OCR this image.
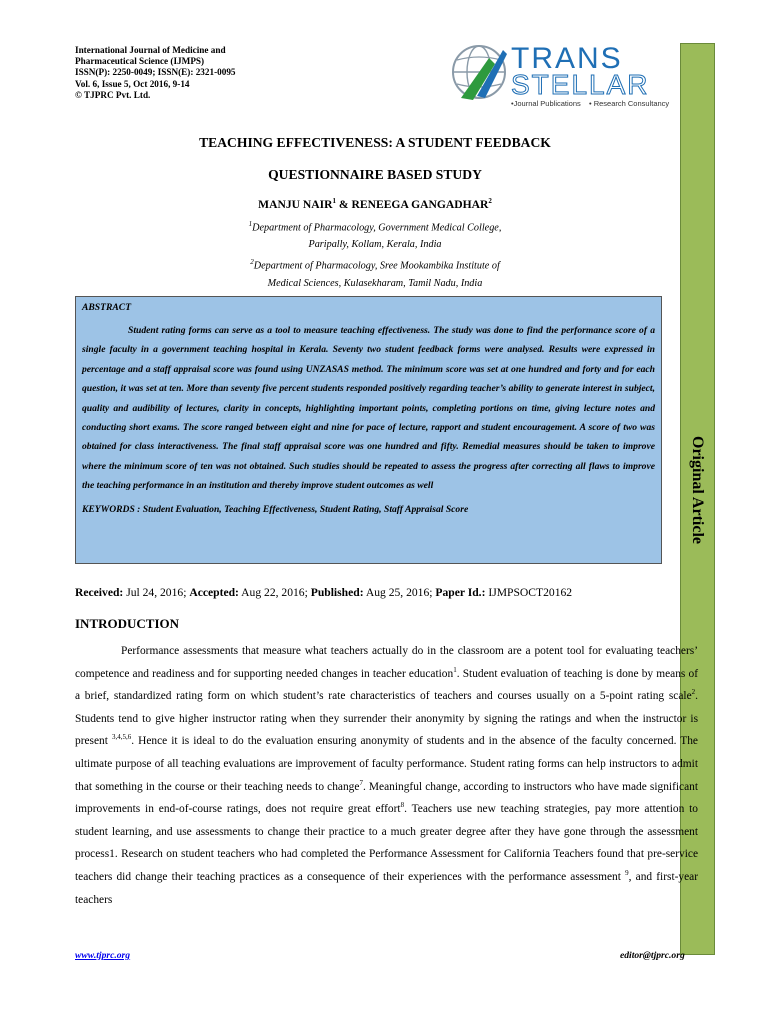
International Journal of Medicine and
Pharmaceutical Science (IJMPS)
ISSN(P): 2250-0049; ISSN(E): 2321-0095
Vol. 6, Issue 5, Oct 2016, 9-14
© TJPRC Pvt. Ltd.
TRANS
STELLAR
•Journal Publications • Research Consultancy
Original Article
TEACHING EFFECTIVENESS: A STUDENT FEEDBACK
QUESTIONNAIRE BASED STUDY
MANJU NAIR$^1$ & RENEEGA GANGADHAR$^2$
$^1$Department of Pharmacology, Government Medical College,
Paripally, Kollam, Kerala, India
$^2$Department of Pharmacology, Sree Mookambika Institute of
Medical Sciences, Kulasekharam, Tamil Nadu, India
ABSTRACT
Student rating forms can serve as a tool to measure teaching effectiveness. The study was done to find the performance score of a single faculty in a government teaching hospital in Kerala. Seventy two student feedback forms were analysed. Results were expressed in percentage and a staff appraisal score was found using UNZASAS method. The minimum score was set at one hundred and forty and for each question, it was set at ten. More than seventy five percent students responded positively regarding teacher’s ability to generate interest in subject, quality and audibility of lectures, clarity in concepts, highlighting important points, completing portions on time, giving lecture notes and conducting short exams. The score ranged between eight and nine for pace of lecture, rapport and student encouragement. A score of two was obtained for class interactiveness. The final staff appraisal score was one hundred and fifty. Remedial measures should be taken to improve where the minimum score of ten was not obtained. Such studies should be repeated to assess the progress after correcting all flaws to improve the teaching performance in an institution and thereby improve student outcomes as well
KEYWORDS : Student Evaluation, Teaching Effectiveness, Student Rating, Staff Appraisal Score
Received: Jul 24, 2016; Accepted: Aug 22, 2016; Published: Aug 25, 2016; Paper Id.: IJMPSOCT20162
INTRODUCTION

Performance assessments that measure what teachers actually do in the classroom are a potent tool for evaluating teachers’ competence and readiness and for supporting needed changes in teacher education$^1$. Student evaluation of teaching is done by means of a brief, standardized rating form on which student’s rate characteristics of teachers and courses usually on a 5-point rating scale$^2$. Students tend to give higher instructor rating when they surrender their anonymity by signing the ratings and when the instructor is present $^{3,4,5,6}$. Hence it is ideal to do the evaluation ensuring anonymity of students and in the absence of the faculty concerned. The ultimate purpose of all teaching evaluations are improvement of faculty performance. Student rating forms can help instructors to admit that something in the course or their teaching needs to change$^7$. Meaningful change, according to instructors who have made significant improvements in end-of-course ratings, does not require great effort$^8$. Teachers use new teaching strategies, pay more attention to student learning, and use assessments to change their practice to a much greater degree after they have gone through the assessment process1. Research on student teachers who had completed the Performance Assessment for California Teachers found that pre-service teachers did change their teaching practices as a consequence of their experiences with the performance assessment $^9$, and first-year teachers

www.tjprc.org	editor@tjprc.org
